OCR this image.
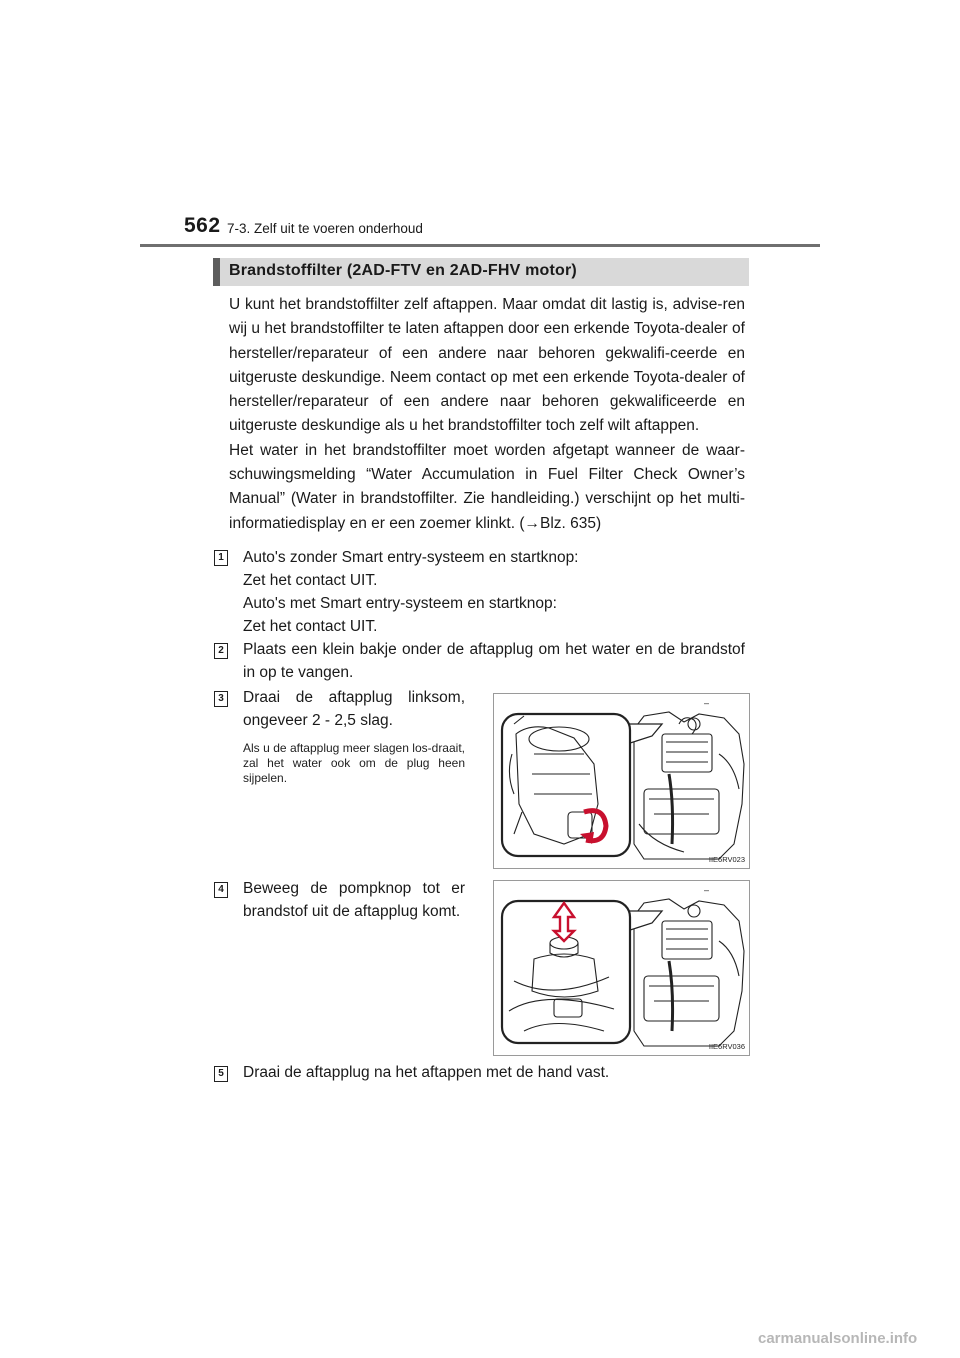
562 7-3. Zelf uit te voeren onderhoud
Brandstoffilter (2AD-FTV en 2AD-FHV motor)

U kunt het brandstoffilter zelf aftappen. Maar omdat dit lastig is, advise-ren wij u het brandstoffilter te laten aftappen door een erkende Toyota-dealer of hersteller/reparateur of een andere naar behoren gekwalifi-ceerde en uitgeruste deskundige. Neem contact op met een erkende Toyota-dealer of hersteller/reparateur of een andere naar behoren gekwalificeerde en uitgeruste deskundige als u het brandstoffilter toch zelf wilt aftappen.

Het water in het brandstoffilter moet worden afgetapt wanneer de waar-schuwingsmelding “Water Accumulation in Fuel Filter Check Owner’s Manual” (Water in brandstoffilter. Zie handleiding.) verschijnt op het multi-informatiedisplay en er een zoemer klinkt. (→Blz. 635)

1 Auto's zonder Smart entry-systeem en startknop:

Zet het contact UIT.

Auto's met Smart entry-systeem en startknop:

Zet het contact UIT.

2 Plaats een klein bakje onder de aftapplug om het water en de brandstof in op te vangen.

3 Draai de aftapplug linksom, ongeveer 2 - 2,5 slag.

Als u de aftapplug meer slagen los-draait, zal het water ook om de plug heen sijpelen.
–
IIE6RV023
4 Beweeg de pompknop tot er brandstof uit de aftapplug komt.

–
IIE6RV036
5 Draai de aftapplug na het aftappen met de hand vast.

carmanualsonline.info
